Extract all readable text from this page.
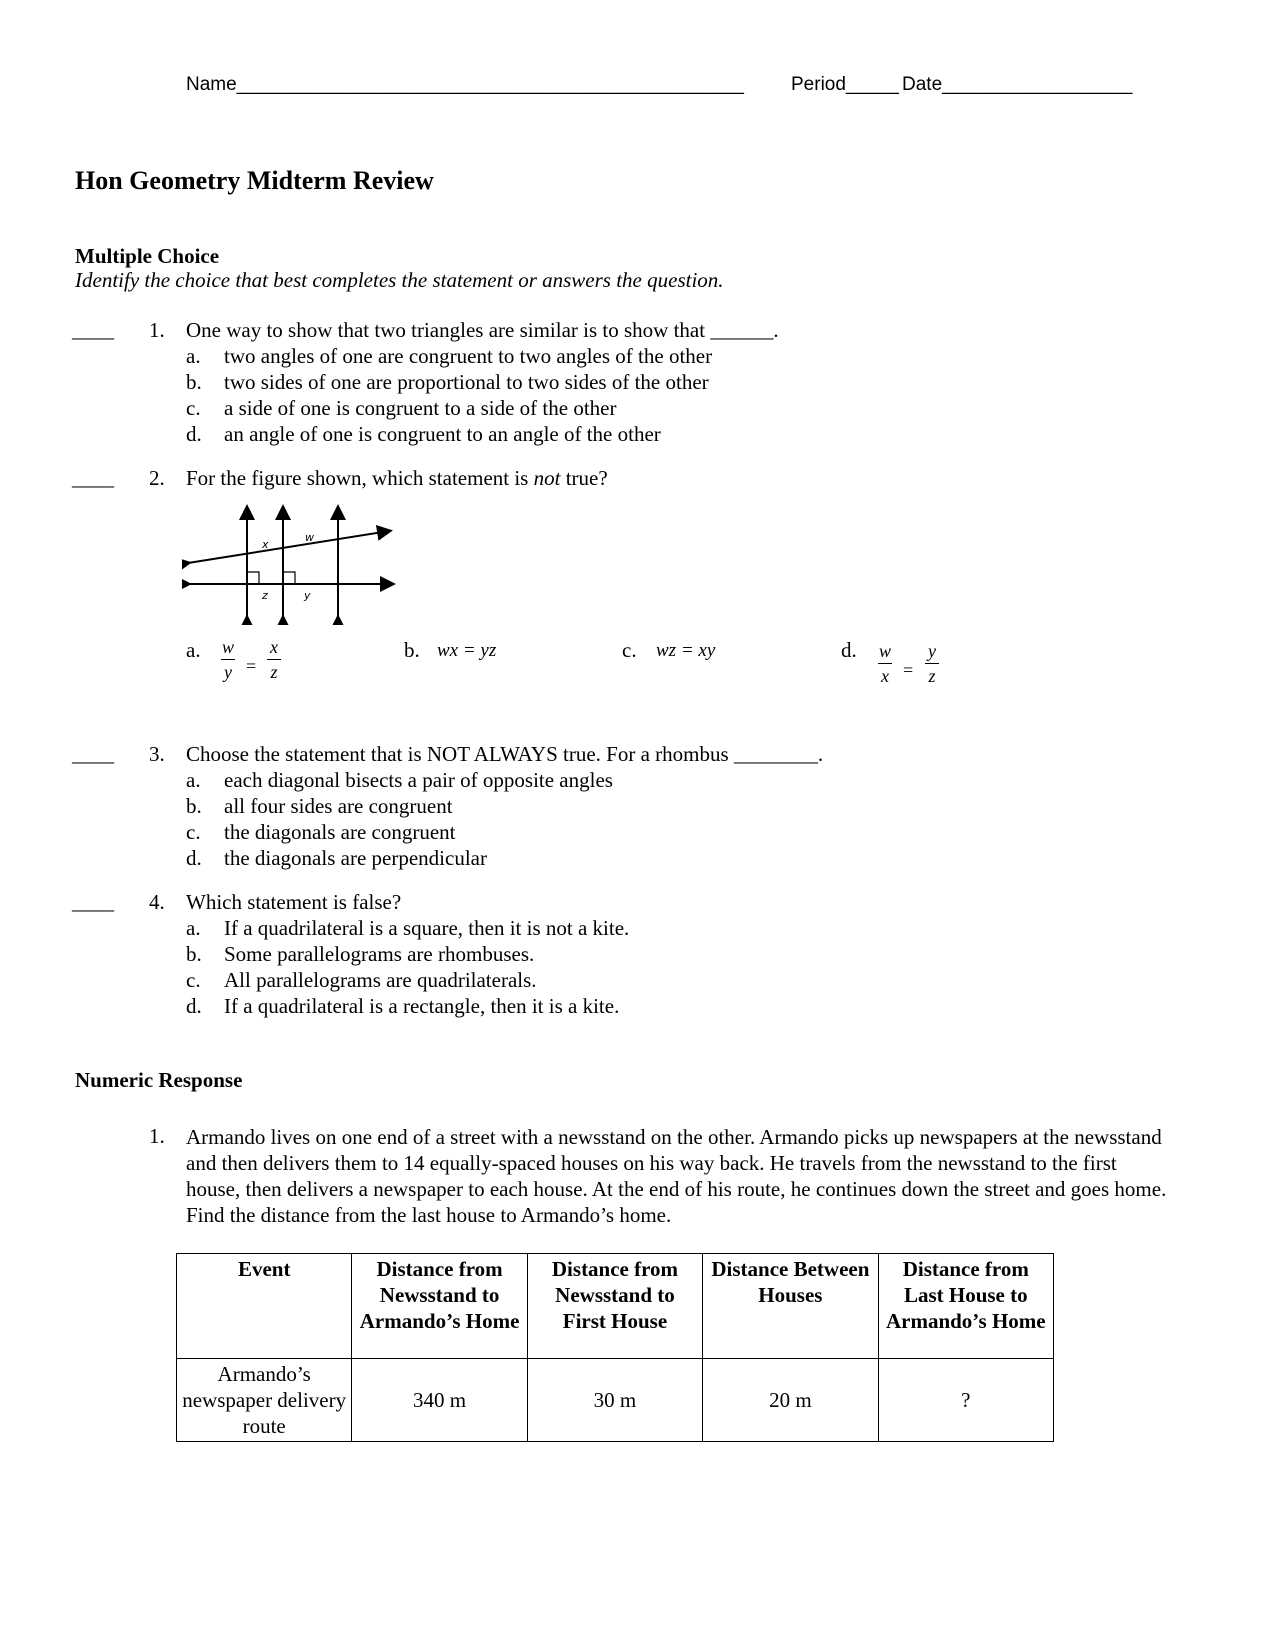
Name________________________________________________ Period_____ Date__________________
Hon Geometry Midterm Review
Multiple Choice
Identify the choice that best completes the statement or answers the question.
____ 1. One way to show that two triangles are similar is to show that ______.
a. two angles of one are congruent to two angles of the other
b. two sides of one are proportional to two sides of the other
c. a side of one is congruent to a side of the other
d. an angle of one is congruent to an angle of the other
____ 2. For the figure shown, which statement is not true?
x
w
z	y
a. w
y =
x
z
b. wx = yz	c. wz = xy	d. w
x =
y
z
____ 3. Choose the statement that is NOT ALWAYS true. For a rhombus ________.
a. each diagonal bisects a pair of opposite angles
b. all four sides are congruent
c. the diagonals are congruent
d. the diagonals are perpendicular
____ 4. Which statement is false?
a. If a quadrilateral is a square, then it is not a kite.
b. Some parallelograms are rhombuses.
c. All parallelograms are quadrilaterals.
d. If a quadrilateral is a rectangle, then it is a kite.
Numeric Response
1. Armando lives on one end of a street with a newsstand on the other. Armando picks up newspapers at the newsstand and then delivers them to 14 equally-spaced houses on his way back. He travels from the newsstand to the first house, then delivers a newspaper to each house. At the end of his route, he continues down the street and goes home. Find the distance from the last house to Armando’s home.
Event	Distance from Newsstand to Armando’s Home	Distance from Newsstand to First House	Distance Between Houses	Distance from Last House to Armando’s Home
Armando’s newspaper delivery route	340 m	30 m	20 m	?
